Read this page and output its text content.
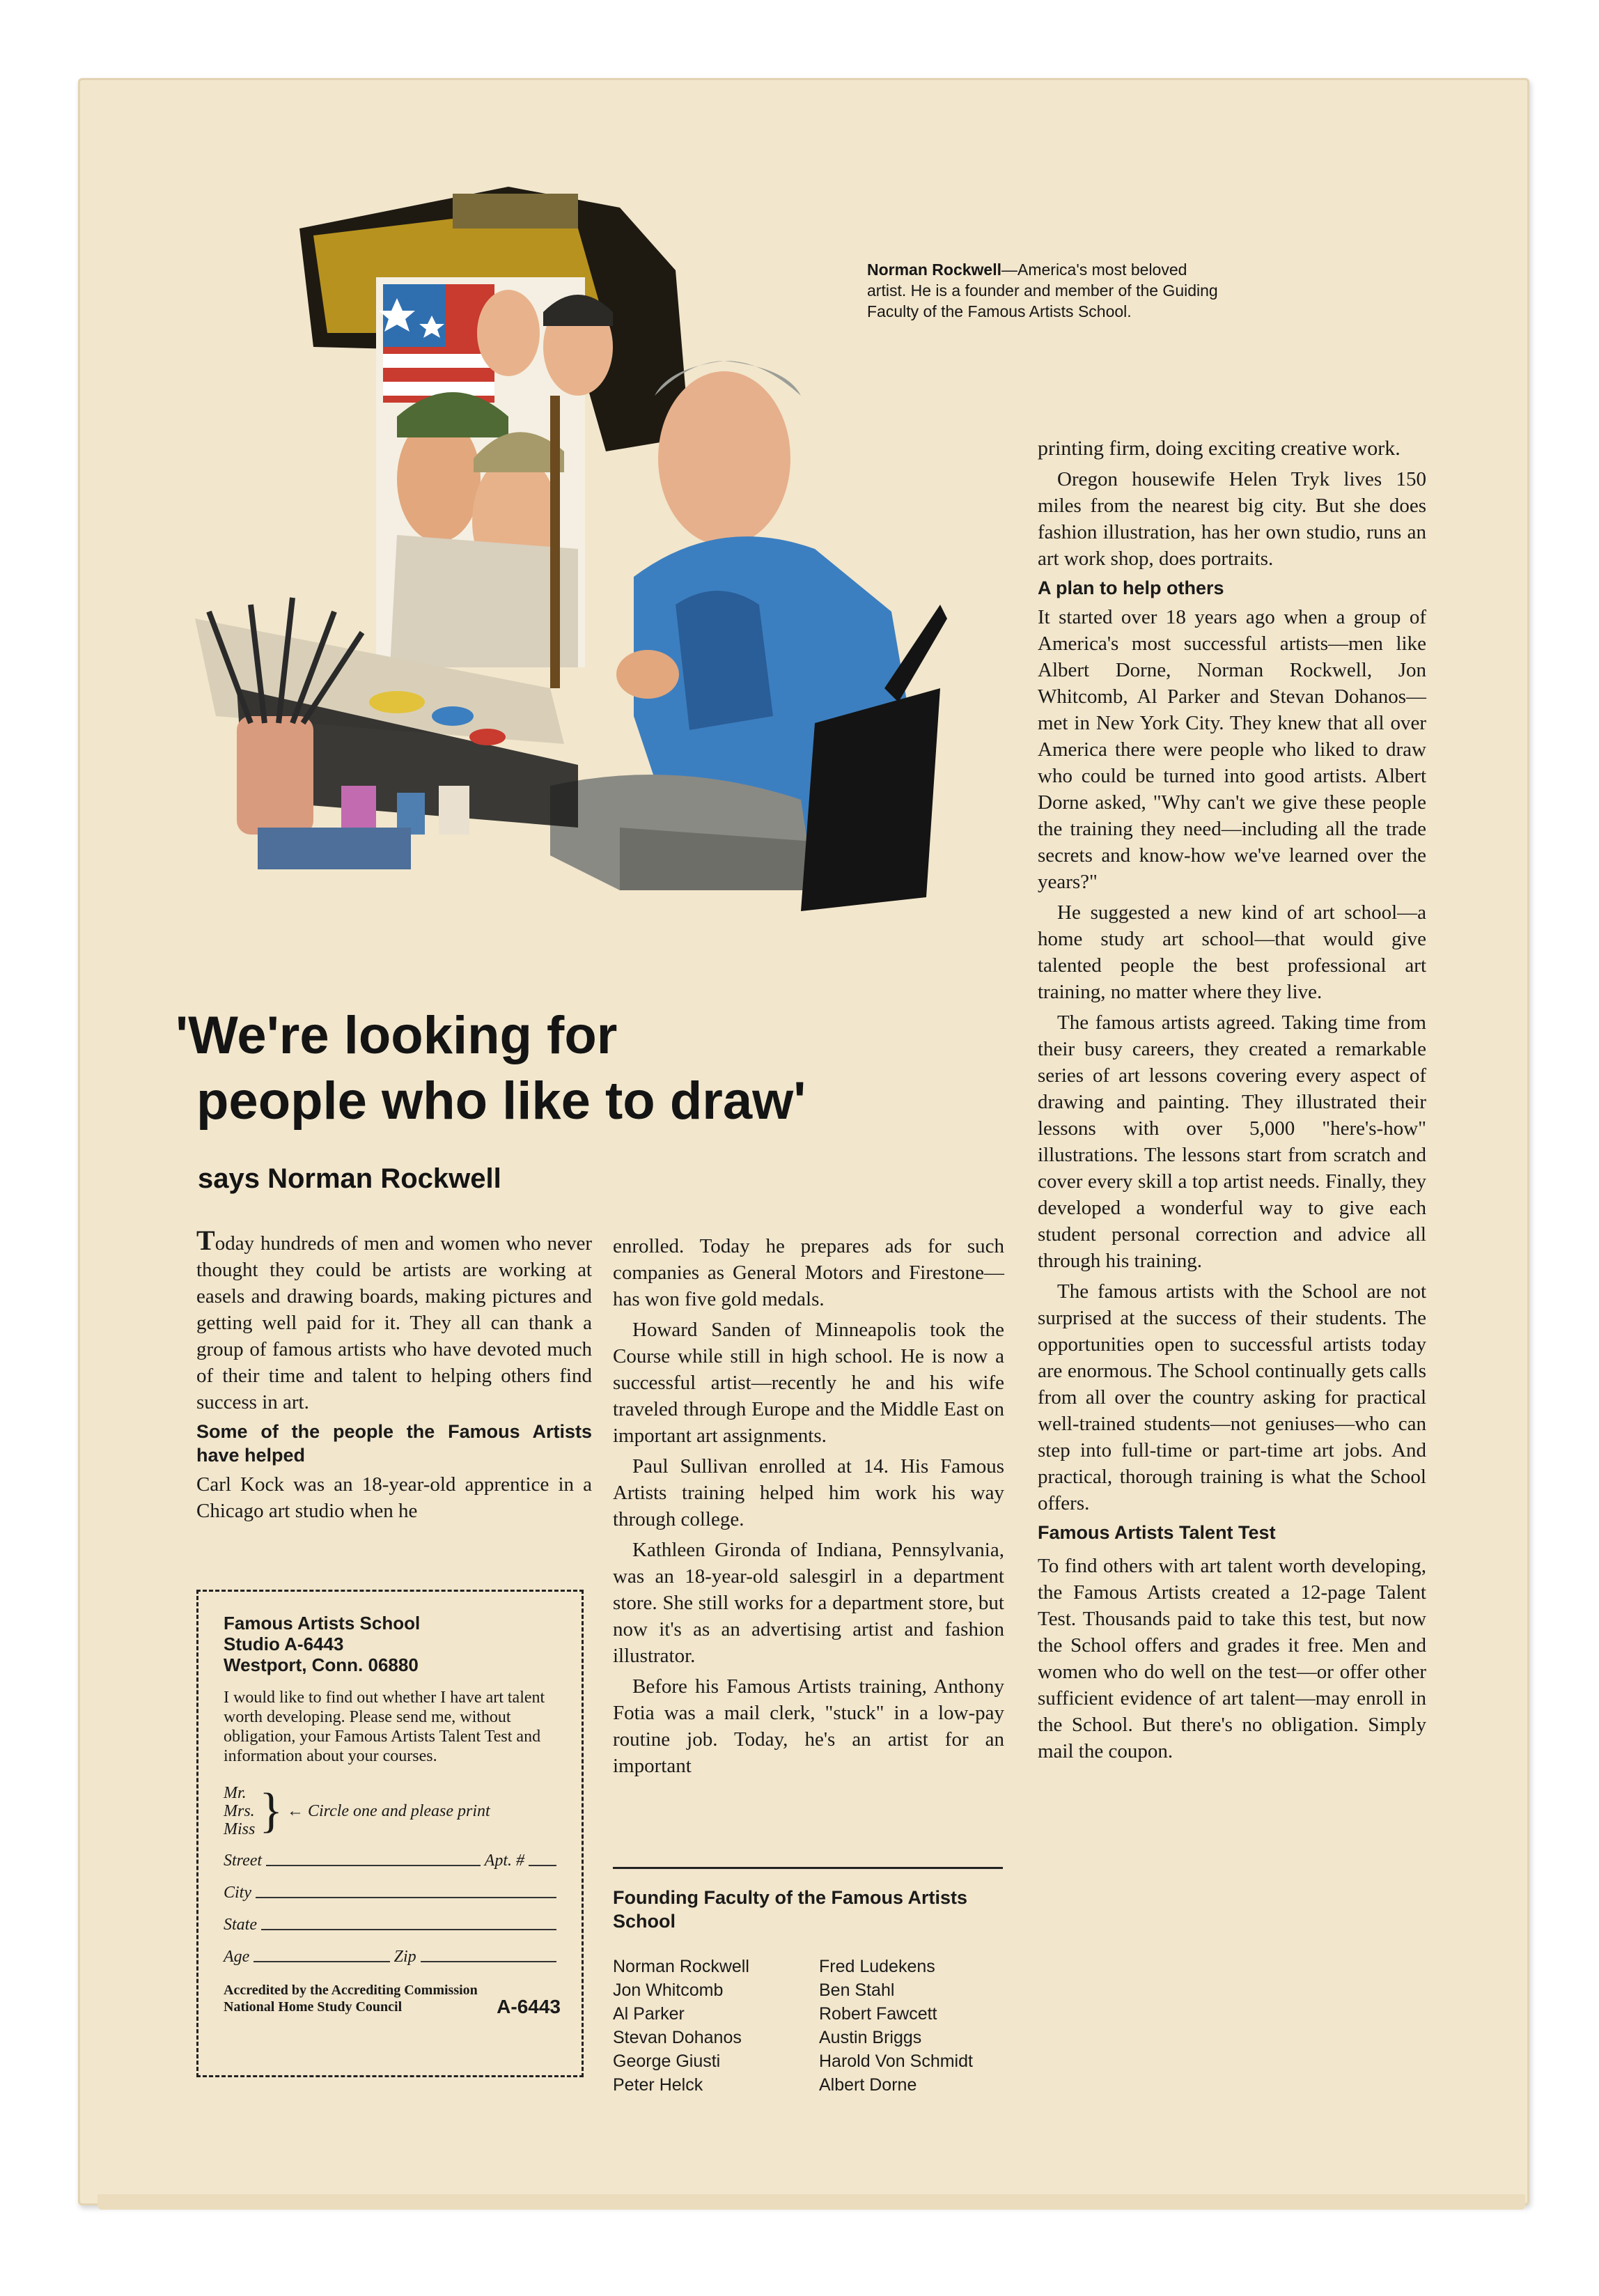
Norman Rockwell—America's most beloved artist. He is a founder and member of the Guiding Faculty of the Famous Artists School.
'We're looking for
people who like to draw'
says Norman Rockwell

Today hundreds of men and women who never thought they could be artists are working at easels and drawing boards, making pictures and getting well paid for it. They all can thank a group of famous artists who have devoted much of their time and talent to helping others find success in art.

Some of the people the Famous Artists have helped

Carl Kock was an 18-year-old apprentice in a Chicago art studio when he

Famous Artists School
Studio A-6443
Westport, Conn. 06880
I would like to find out whether I have art talent worth developing. Please send me, without obligation, your Famous Artists Talent Test and information about your courses.
Mr.
Mrs.
Miss } ← Circle one and please print
Street	Apt. #
City
State
Age	Zip
Accredited by the Accrediting Commission
National Home Study Council	A-6443

enrolled. Today he prepares ads for such companies as General Motors and Firestone—has won five gold medals.

Howard Sanden of Minneapolis took the Course while still in high school. He is now a successful artist—recently he and his wife traveled through Europe and the Middle East on important art assignments.

Paul Sullivan enrolled at 14. His Famous Artists training helped him work his way through college.

Kathleen Gironda of Indiana, Pennsylvania, was an 18-year-old salesgirl in a department store. She still works for a department store, but now it's as an advertising artist and fashion illustrator.

Before his Famous Artists training, Anthony Fotia was a mail clerk, "stuck" in a low-pay routine job. Today, he's an artist for an important

Founding Faculty of the Famous Artists School
Norman Rockwell	Fred Ludekens
Jon Whitcomb	Ben Stahl
Al Parker	Robert Fawcett
Stevan Dohanos	Austin Briggs
George Giusti	Harold Von Schmidt
Peter Helck	Albert Dorne

printing firm, doing exciting creative work.

Oregon housewife Helen Tryk lives 150 miles from the nearest big city. But she does fashion illustration, has her own studio, runs an art work shop, does portraits.

A plan to help others

It started over 18 years ago when a group of America's most successful artists—men like Albert Dorne, Norman Rockwell, Jon Whitcomb, Al Parker and Stevan Dohanos—met in New York City. They knew that all over America there were people who liked to draw who could be turned into good artists. Albert Dorne asked, "Why can't we give these people the training they need—including all the trade secrets and know-how we've learned over the years?"

He suggested a new kind of art school—a home study art school—that would give talented people the best professional art training, no matter where they live.

The famous artists agreed. Taking time from their busy careers, they created a remarkable series of art lessons covering every aspect of drawing and painting. They illustrated their lessons with over 5,000 "here's-how" illustrations. The lessons start from scratch and cover every skill a top artist needs. Finally, they developed a wonderful way to give each student personal correction and advice all through his training.

The famous artists with the School are not surprised at the success of their students. The opportunities open to successful artists today are enormous. The School continually gets calls from all over the country asking for practical well-trained students—not geniuses—who can step into full-time or part-time art jobs. And practical, thorough training is what the School offers.

Famous Artists Talent Test

To find others with art talent worth developing, the Famous Artists created a 12-page Talent Test. Thousands paid to take this test, but now the School offers and grades it free. Men and women who do well on the test—or offer other sufficient evidence of art talent—may enroll in the School. But there's no obligation. Simply mail the coupon.
